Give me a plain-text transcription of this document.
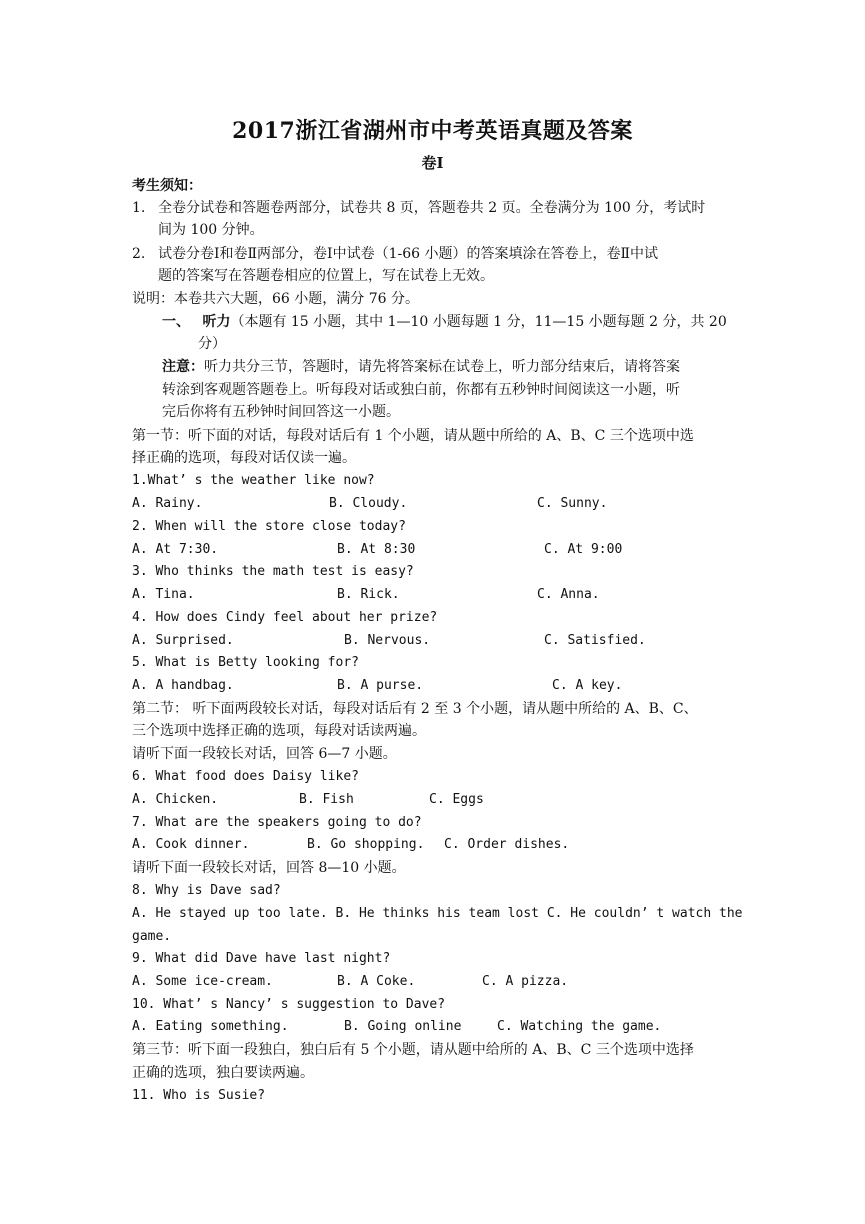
2017浙江省湖州市中考英语真题及答案
卷Ⅰ
考生须知：
1. 全卷分试卷和答题卷两部分，试卷共 8 页，答题卷共 2 页。全卷满分为 100 分，考试时
间为 100 分钟。
2. 试卷分卷Ⅰ和卷Ⅱ两部分，卷Ⅰ中试卷（1-66 小题）的答案填涂在答卷上，卷Ⅱ中试
题的答案写在答题卷相应的位置上，写在试卷上无效。
说明：本卷共六大题，66 小题，满分 76 分。
一、 听力（本题有 15 小题，其中 1—10 小题每题 1 分，11—15 小题每题 2 分，共 20
分）
注意：听力共分三节，答题时，请先将答案标在试卷上，听力部分结束后，请将答案
转涂到客观题答题卷上。听每段对话或独白前，你都有五秒钟时间阅读这一小题，听
完后你将有五秒钟时间回答这一小题。
第一节：听下面的对话，每段对话后有 1 个小题，请从题中所给的 A、B、C 三个选项中选
择正确的选项，每段对话仅读一遍。
1.What’ s the weather like now?
A. Rainy.	B. Cloudy.	C. Sunny.
2. When will the store close today?
A. At 7:30.	B. At 8:30	C. At 9:00
3. Who thinks the math test is easy?
A. Tina.	B. Rick.	C. Anna.
4. How does Cindy feel about her prize?
A. Surprised.	B. Nervous.	C. Satisfied.
5. What is Betty looking for?
A. A handbag.	B. A purse.	C. A key.
第二节： 听下面两段较长对话，每段对话后有 2 至 3 个小题，请从题中所给的 A、B、C、
三个选项中选择正确的选项，每段对话读两遍。
请听下面一段较长对话，回答 6—7 小题。
6. What food does Daisy like?
A. Chicken.	B. Fish	C. Eggs
7. What are the speakers going to do?
A. Cook dinner.	B. Go shopping. C. Order dishes.
请听下面一段较长对话，回答 8—10 小题。
8. Why is Dave sad?
A. He stayed up too late. B. He thinks his team lost C. He couldn’ t watch the
game.
9. What did Dave have last night?
A. Some ice-cream.	B. A Coke.	C. A pizza.
10. What’ s Nancy’ s suggestion to Dave?
A. Eating something.	B. Going online	C. Watching the game.
第三节：听下面一段独白，独白后有 5 个小题，请从题中给所的 A、B、C 三个选项中选择
正确的选项，独白要读两遍。
11. Who is Susie?
